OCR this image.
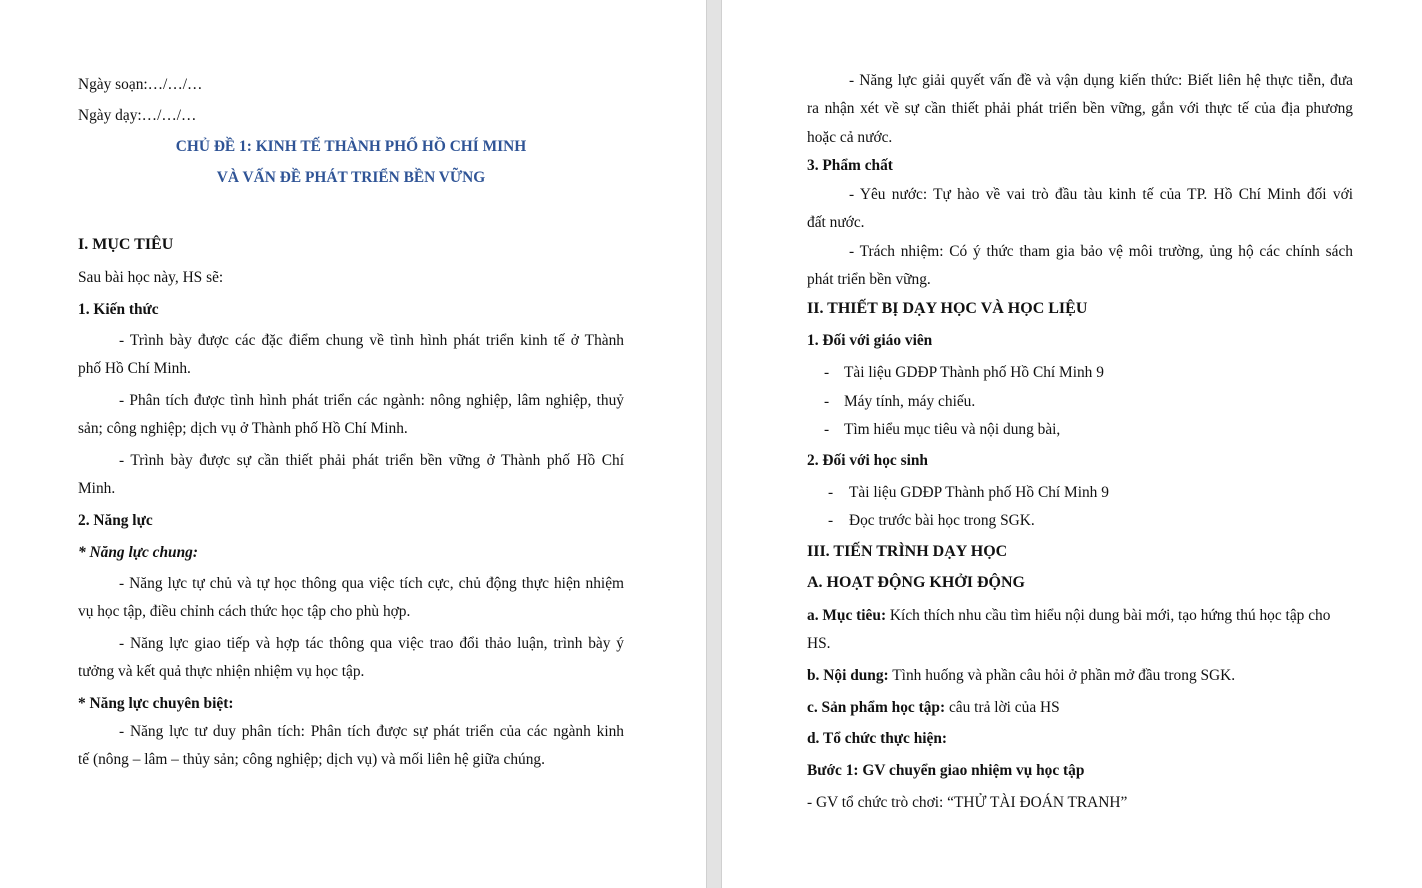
Ngày soạn:…/…/…
Ngày dạy:…/…/…
CHỦ ĐỀ 1: KINH TẾ THÀNH PHỐ HỒ CHÍ MINH
VÀ VẤN ĐỀ PHÁT TRIỂN BỀN VỮNG
I. MỤC TIÊU
Sau bài học này, HS sẽ:
1. Kiến thức
- Trình bày được các đặc điểm chung về tình hình phát triển kinh tế ở Thành
phố Hồ Chí Minh.
- Phân tích được tình hình phát triển các ngành: nông nghiệp, lâm nghiệp, thuỷ
sản; công nghiệp; dịch vụ ở Thành phố Hồ Chí Minh.
- Trình bày được sự cần thiết phải phát triển bền vững ở Thành phố Hồ Chí
Minh.
2. Năng lực
* Năng lực chung:
- Năng lực tự chủ và tự học thông qua việc tích cực, chủ động thực hiện nhiệm
vụ học tập, điều chỉnh cách thức học tập cho phù hợp.
- Năng lực giao tiếp và hợp tác thông qua việc trao đổi thảo luận, trình bày ý
tưởng và kết quả thực nhiện nhiệm vụ học tập.
* Năng lực chuyên biệt:
- Năng lực tư duy phân tích: Phân tích được sự phát triển của các ngành kinh
tế (nông – lâm – thủy sản; công nghiệp; dịch vụ) và mối liên hệ giữa chúng.
- Năng lực giải quyết vấn đề và vận dụng kiến thức: Biết liên hệ thực tiễn, đưa
ra nhận xét về sự cần thiết phải phát triển bền vững, gắn với thực tế của địa phương
hoặc cả nước.
3. Phẩm chất
- Yêu nước: Tự hào về vai trò đầu tàu kinh tế của TP. Hồ Chí Minh đối với
đất nước.
- Trách nhiệm: Có ý thức tham gia bảo vệ môi trường, ủng hộ các chính sách
phát triển bền vững.
II. THIẾT BỊ DẠY HỌC VÀ HỌC LIỆU
1. Đối với giáo viên
- Tài liệu GDĐP Thành phố Hồ Chí Minh 9
- Máy tính, máy chiếu.
- Tìm hiểu mục tiêu và nội dung bài,
2. Đối với học sinh
- Tài liệu GDĐP Thành phố Hồ Chí Minh 9
- Đọc trước bài học trong SGK.
III. TIẾN TRÌNH DẠY HỌC
A. HOẠT ĐỘNG KHỞI ĐỘNG
a. Mục tiêu: Kích thích nhu cầu tìm hiểu nội dung bài mới, tạo hứng thú học tập cho
HS.
b. Nội dung: Tình huống và phần câu hỏi ở phần mở đầu trong SGK.
c. Sản phẩm học tập: câu trả lời của HS
d. Tổ chức thực hiện:
Bước 1: GV chuyển giao nhiệm vụ học tập
- GV tổ chức trò chơi: “THỬ TÀI ĐOÁN TRANH”
